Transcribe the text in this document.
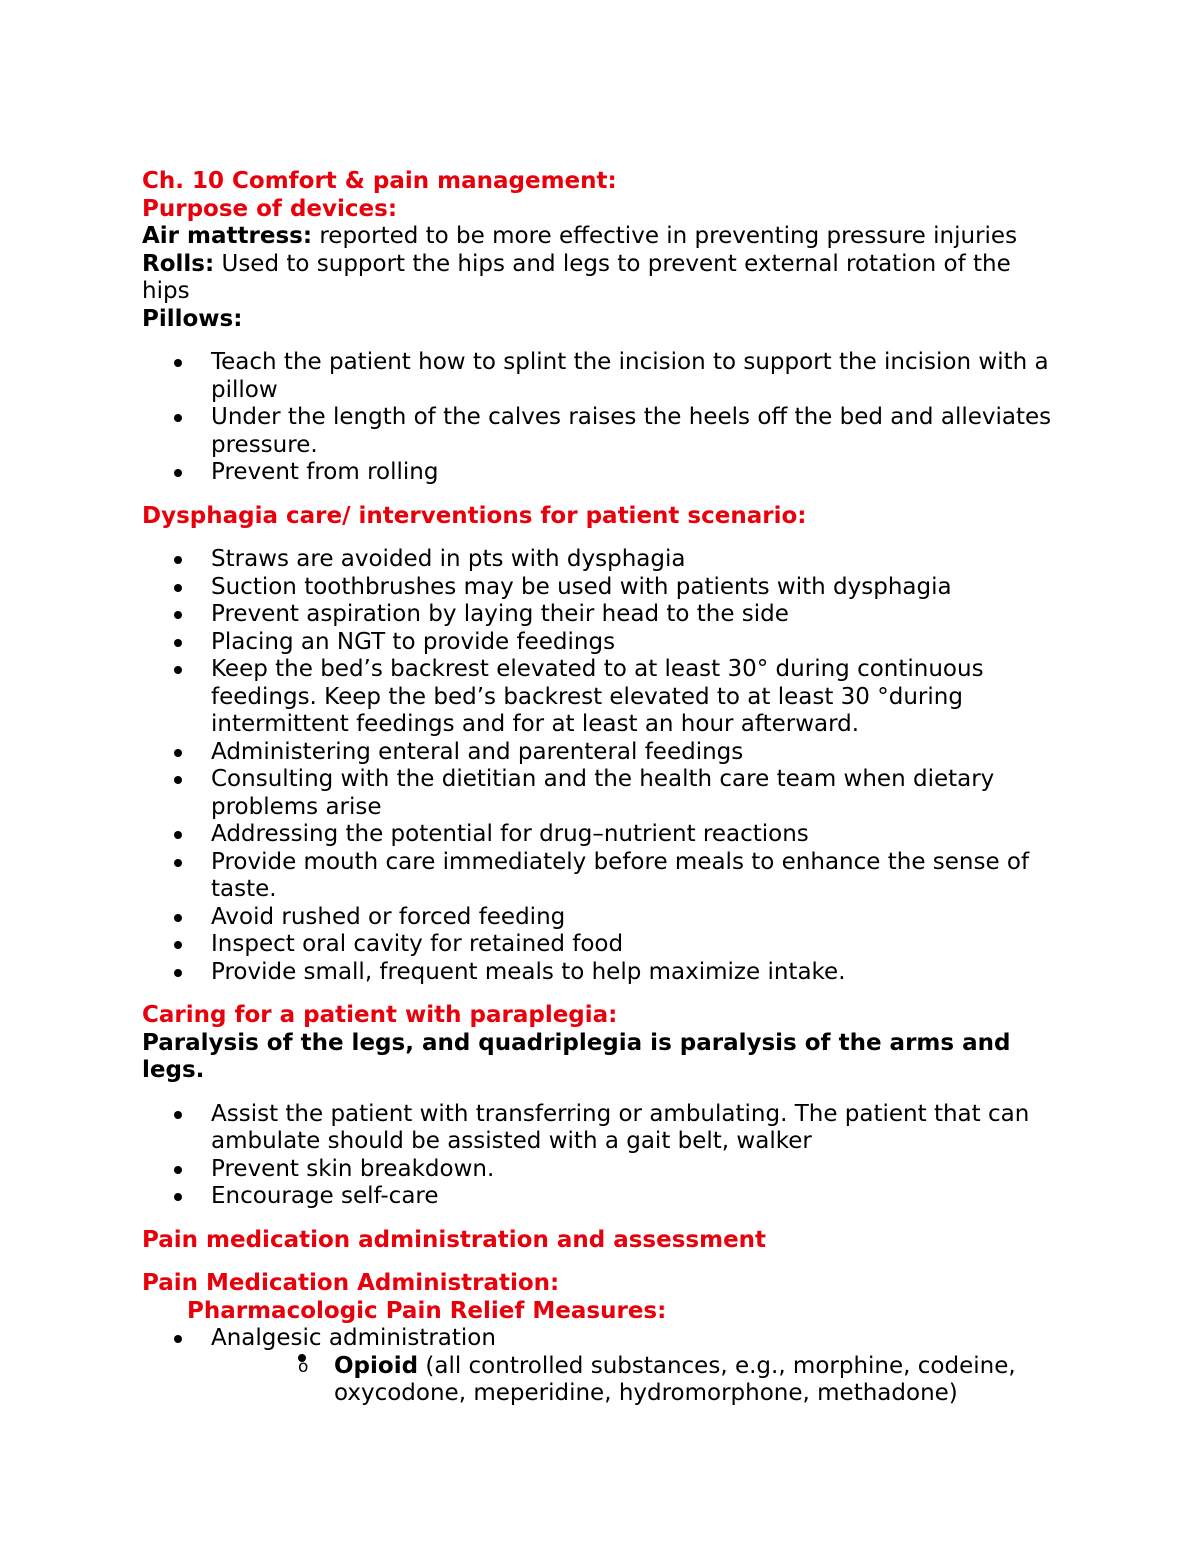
Ch. 10 Comfort & pain management:

Purpose of devices:

Air mattress: reported to be more effective in preventing pressure injuries

Rolls: Used to support the hips and legs to prevent external rotation of the hips

Pillows:

Teach the patient how to splint the incision to support the incision with a pillow
Under the length of the calves raises the heels off the bed and alleviates pressure.
Prevent from rolling

Dysphagia care/ interventions for patient scenario:

Straws are avoided in pts with dysphagia
Suction toothbrushes may be used with patients with dysphagia
Prevent aspiration by laying their head to the side
Placing an NGT to provide feedings
Keep the bed’s backrest elevated to at least 30° during continuous feedings. Keep the bed’s backrest elevated to at least 30 °during intermittent feedings and for at least an hour afterward.
Administering enteral and parenteral feedings
Consulting with the dietitian and the health care team when dietary problems arise
Addressing the potential for drug–nutrient reactions
Provide mouth care immediately before meals to enhance the sense of taste.
Avoid rushed or forced feeding
Inspect oral cavity for retained food
Provide small, frequent meals to help maximize intake.

Caring for a patient with paraplegia:

Paralysis of the legs, and quadriplegia is paralysis of the arms and legs.

Assist the patient with transferring or ambulating. The patient that can ambulate should be assisted with a gait belt, walker
Prevent skin breakdown.
Encourage self-care

Pain medication administration and assessment

Pain Medication Administration:

Pharmacologic Pain Relief Measures:

Analgesic administration
o Opioid (all controlled substances, e.g., morphine, codeine, oxycodone, meperidine, hydromorphone, methadone)
